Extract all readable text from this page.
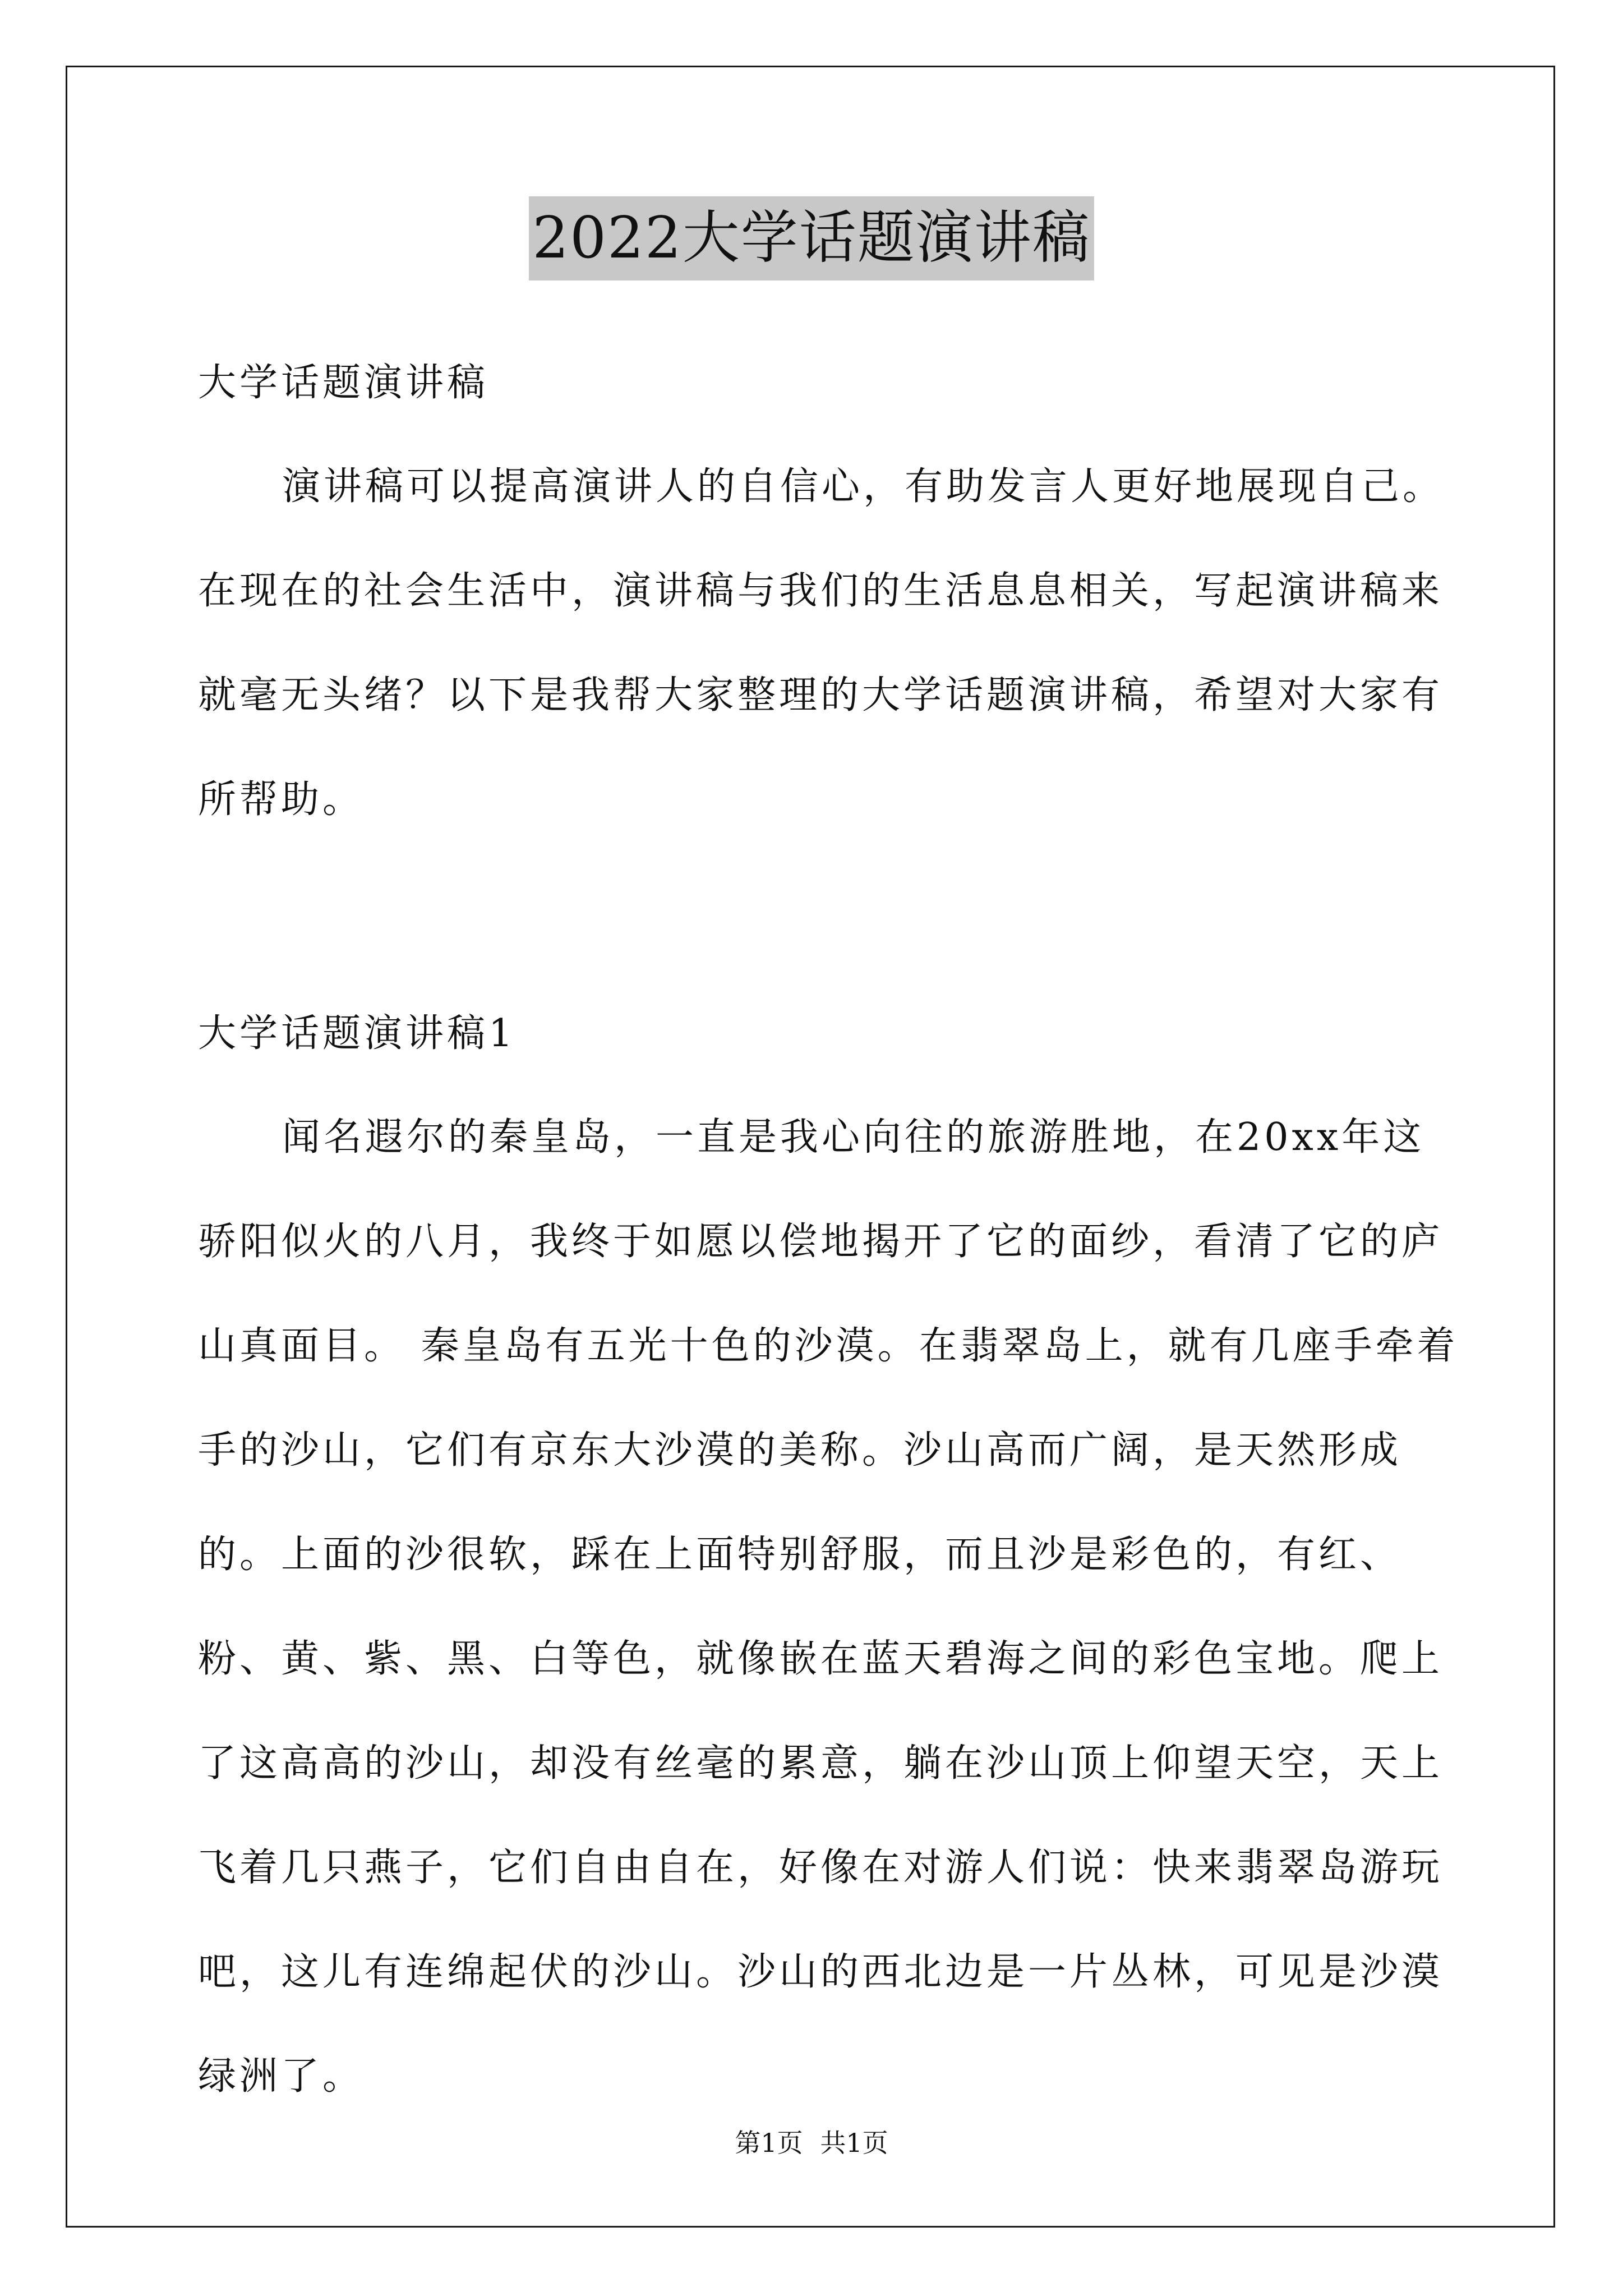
2022大学话题演讲稿

大学话题演讲稿

演讲稿可以提高演讲人的自信心，有助发言人更好地展现自己。在现在的社会生活中，演讲稿与我们的生活息息相关，写起演讲稿来就毫无头绪？以下是我帮大家整理的大学话题演讲稿，希望对大家有所帮助。

大学话题演讲稿1

闻名遐尔的秦皇岛，一直是我心向往的旅游胜地，在20xx年这骄阳似火的八月，我终于如愿以偿地揭开了它的面纱，看清了它的庐山真面目。 秦皇岛有五光十色的沙漠。在翡翠岛上，就有几座手牵着手的沙山，它们有京东大沙漠的美称。沙山高而广阔，是天然形成的。上面的沙很软，踩在上面特别舒服，而且沙是彩色的，有红、粉、黄、紫、黑、白等色，就像嵌在蓝天碧海之间的彩色宝地。爬上了这高高的沙山，却没有丝毫的累意，躺在沙山顶上仰望天空，天上飞着几只燕子，它们自由自在，好像在对游人们说：快来翡翠岛游玩吧，这儿有连绵起伏的沙山。沙山的西北边是一片丛林，可见是沙漠绿洲了。

第1页 共1页
